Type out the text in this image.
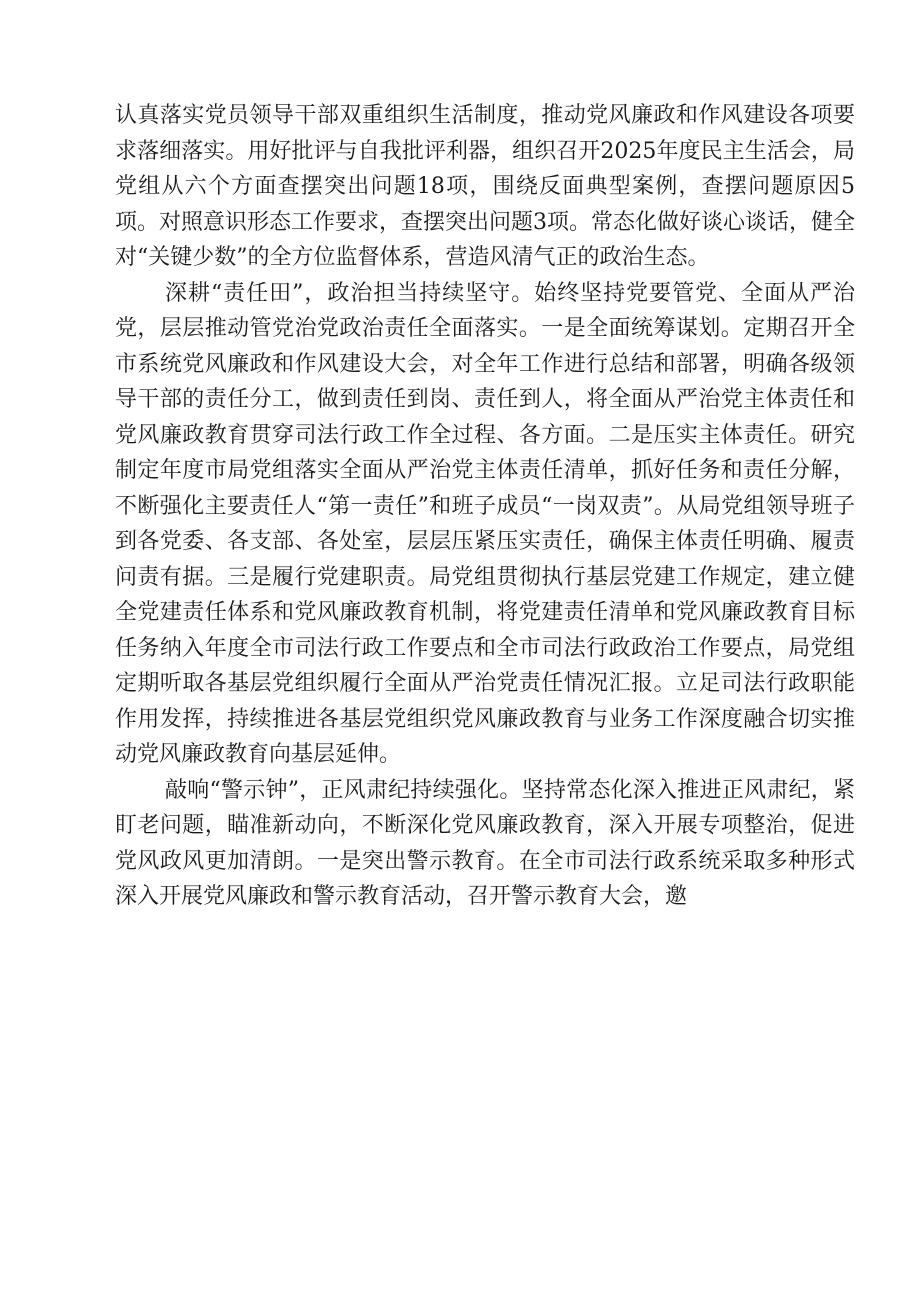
认真落实党员领导干部双重组织生活制度，推动党风廉政和作风建设各项要求落细落实。用好批评与自我批评利器，组织召开2025年度民主生活会，局党组从六个方面查摆突出问题18项，围绕反面典型案例，查摆问题原因5项。对照意识形态工作要求，查摆突出问题3项。常态化做好谈心谈话，健全对“关键少数”的全方位监督体系，营造风清气正的政治生态。

深耕“责任田”，政治担当持续坚守。始终坚持党要管党、全面从严治党，层层推动管党治党政治责任全面落实。一是全面统筹谋划。定期召开全市系统党风廉政和作风建设大会，对全年工作进行总结和部署，明确各级领导干部的责任分工，做到责任到岗、责任到人，将全面从严治党主体责任和党风廉政教育贯穿司法行政工作全过程、各方面。二是压实主体责任。研究制定年度市局党组落实全面从严治党主体责任清单，抓好任务和责任分解，不断强化主要责任人“第一责任”和班子成员“一岗双责”。从局党组领导班子到各党委、各支部、各处室，层层压紧压实责任，确保主体责任明确、履责问责有据。三是履行党建职责。局党组贯彻执行基层党建工作规定，建立健全党建责任体系和党风廉政教育机制，将党建责任清单和党风廉政教育目标任务纳入年度全市司法行政工作要点和全市司法行政政治工作要点，局党组定期听取各基层党组织履行全面从严治党责任情况汇报。立足司法行政职能作用发挥，持续推进各基层党组织党风廉政教育与业务工作深度融合切实推动党风廉政教育向基层延伸。

敲响“警示钟”，正风肃纪持续强化。坚持常态化深入推进正风肃纪，紧盯老问题，瞄准新动向，不断深化党风廉政教育，深入开展专项整治，促进党风政风更加清朗。一是突出警示教育。在全市司法行政系统采取多种形式深入开展党风廉政和警示教育活动，召开警示教育大会，邀
